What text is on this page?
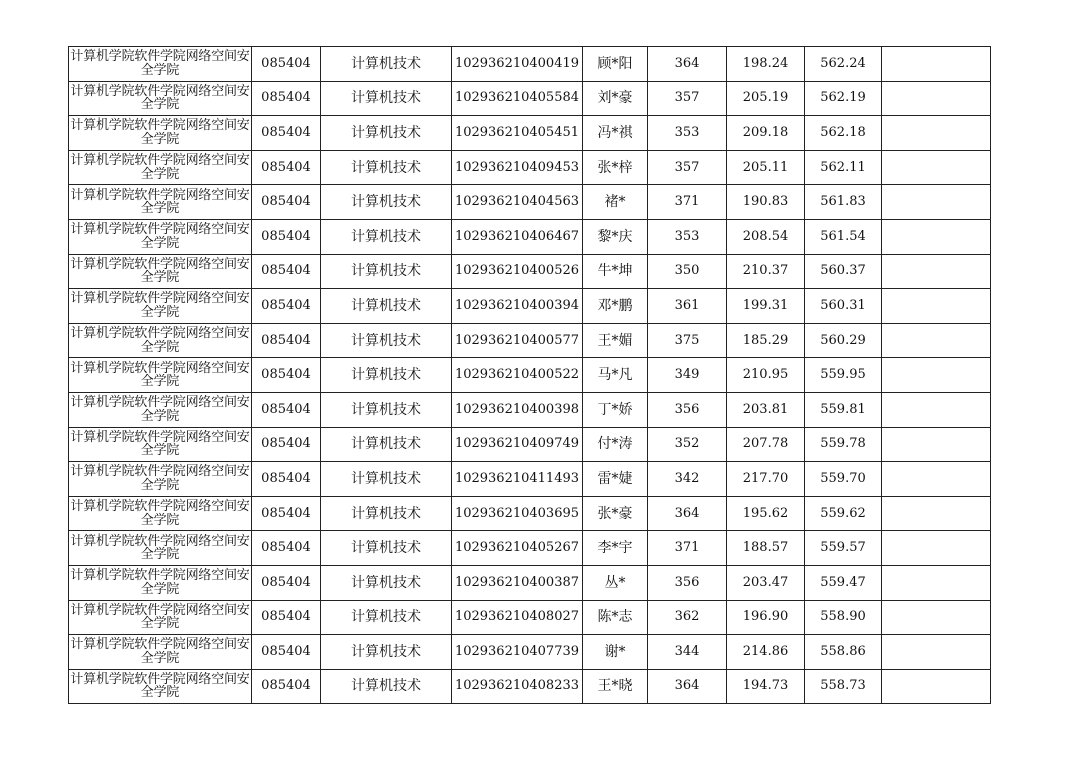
计算机学院软件学院网络空间安全学院	085404	计算机技术	102936210400419	顾*阳	364	198.24	562.24	
计算机学院软件学院网络空间安全学院	085404	计算机技术	102936210405584	刘*豪	357	205.19	562.19	
计算机学院软件学院网络空间安全学院	085404	计算机技术	102936210405451	冯*祺	353	209.18	562.18	
计算机学院软件学院网络空间安全学院	085404	计算机技术	102936210409453	张*梓	357	205.11	562.11	
计算机学院软件学院网络空间安全学院	085404	计算机技术	102936210404563	褚*	371	190.83	561.83	
计算机学院软件学院网络空间安全学院	085404	计算机技术	102936210406467	黎*庆	353	208.54	561.54	
计算机学院软件学院网络空间安全学院	085404	计算机技术	102936210400526	牛*坤	350	210.37	560.37	
计算机学院软件学院网络空间安全学院	085404	计算机技术	102936210400394	邓*鹏	361	199.31	560.31	
计算机学院软件学院网络空间安全学院	085404	计算机技术	102936210400577	王*媚	375	185.29	560.29	
计算机学院软件学院网络空间安全学院	085404	计算机技术	102936210400522	马*凡	349	210.95	559.95	
计算机学院软件学院网络空间安全学院	085404	计算机技术	102936210400398	丁*娇	356	203.81	559.81	
计算机学院软件学院网络空间安全学院	085404	计算机技术	102936210409749	付*涛	352	207.78	559.78	
计算机学院软件学院网络空间安全学院	085404	计算机技术	102936210411493	雷*婕	342	217.70	559.70	
计算机学院软件学院网络空间安全学院	085404	计算机技术	102936210403695	张*豪	364	195.62	559.62	
计算机学院软件学院网络空间安全学院	085404	计算机技术	102936210405267	李*宇	371	188.57	559.57	
计算机学院软件学院网络空间安全学院	085404	计算机技术	102936210400387	丛*	356	203.47	559.47	
计算机学院软件学院网络空间安全学院	085404	计算机技术	102936210408027	陈*志	362	196.90	558.90	
计算机学院软件学院网络空间安全学院	085404	计算机技术	102936210407739	谢*	344	214.86	558.86	
计算机学院软件学院网络空间安全学院	085404	计算机技术	102936210408233	王*晓	364	194.73	558.73	
